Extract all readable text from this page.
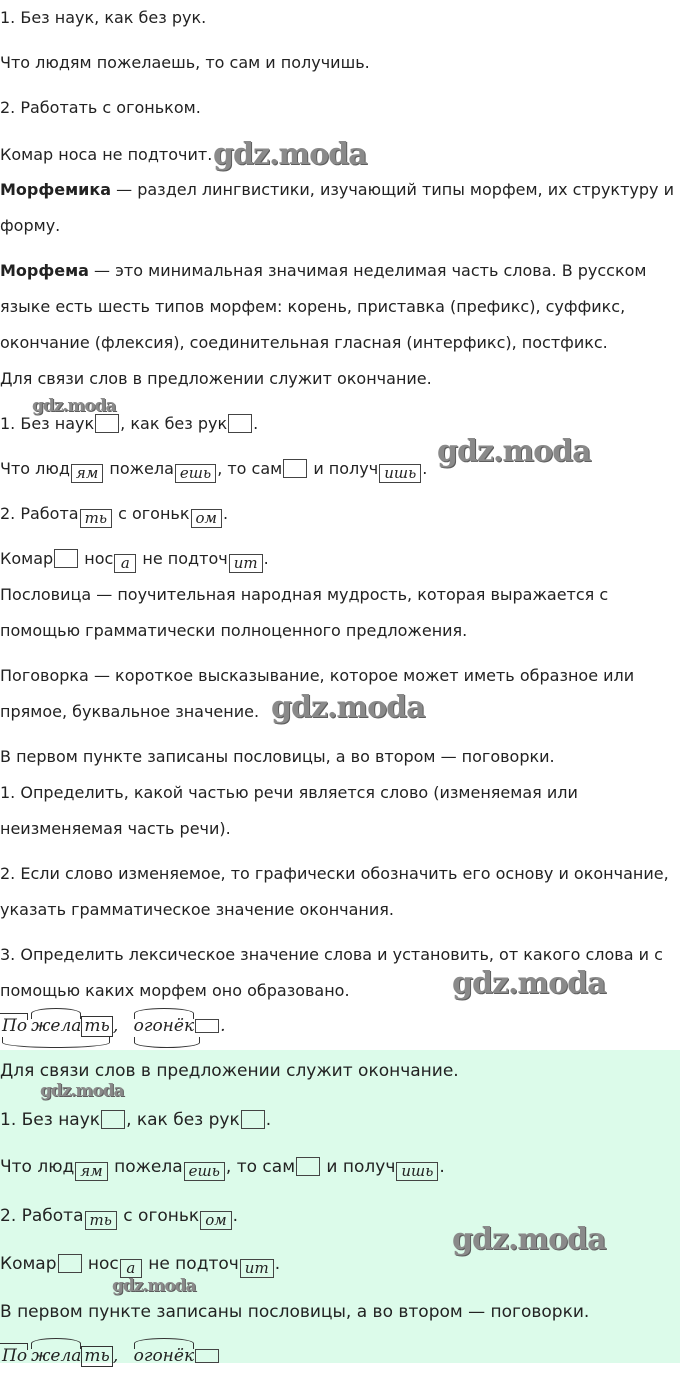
1. Без наук, как без рук.
Что людям пожелаешь, то сам и получишь.
2. Работать с огоньком.
Комар носа не подточит. gdz.moda
Морфемика — раздел лингвистики, изучающий типы морфем, их структуру и
форму.
Морфема — это минимальная значимая неделимая часть слова. В русском
языке есть шесть типов морфем: корень, приставка (префикс), суффикс,
окончание (флексия), соединительная гласная (интерфикс), постфикс.
Для связи слов в предложении служит окончание.
gdz.moda
1. Без наук , как без рук .
Что люд ям пожела ешь , то сам и получ ишь . gdz.moda
2. Работа ть с огоньк ом .
Комар нос а не подточ ит .
Пословица — поучительная народная мудрость, которая выражается с
помощью грамматически полноценного предложения.
Поговорка — короткое высказывание, которое может иметь образное или
прямое, буквальное значение. gdz.moda
В первом пункте записаны пословицы, а во втором — поговорки.
1. Определить, какой частью речи является слово (изменяемая или
неизменяемая часть речи).
2. Если слово изменяемое, то графически обозначить его основу и окончание,
указать грамматическое значение окончания.
3. Определить лексическое значение слова и установить, от какого слова и с
помощью каких морфем оно образовано.	gdz.moda
По жела ть , огонёк .
Для связи слов в предложении служит окончание.
gdz.moda
1. Без наук , как без рук .
Что люд ям пожела ешь , то сам и получ ишь .
2. Работа ть с огоньк ом .
gdz.moda
Комар нос а не подточ ит .
gdz.moda
В первом пункте записаны пословицы, а во втором — поговорки.
По жела ть , огонёк
